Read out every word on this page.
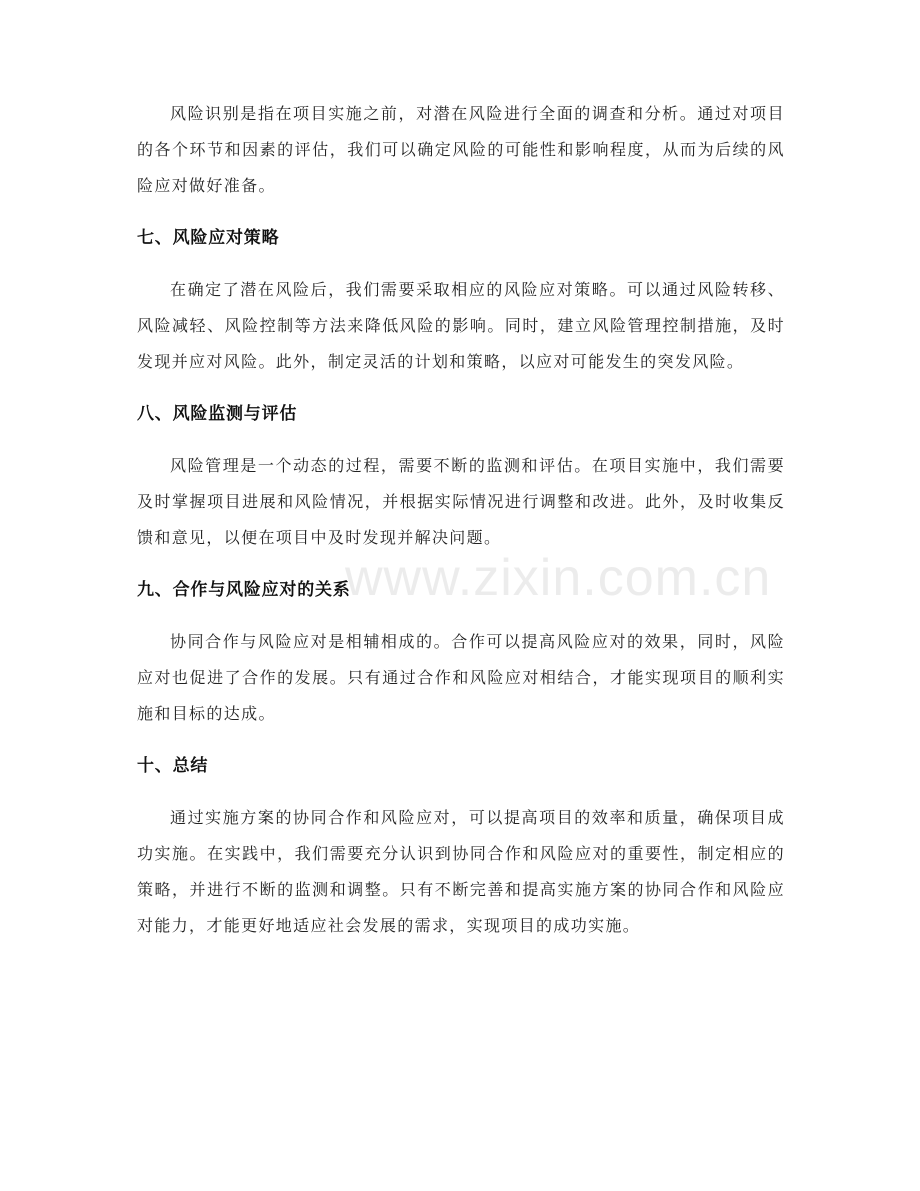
风险识别是指在项目实施之前，对潜在风险进行全面的调查和分析。通过对项目的各个环节和因素的评估，我们可以确定风险的可能性和影响程度，从而为后续的风险应对做好准备。

七、风险应对策略

在确定了潜在风险后，我们需要采取相应的风险应对策略。可以通过风险转移、风险减轻、风险控制等方法来降低风险的影响。同时，建立风险管理控制措施，及时发现并应对风险。此外，制定灵活的计划和策略，以应对可能发生的突发风险。

八、风险监测与评估

风险管理是一个动态的过程，需要不断的监测和评估。在项目实施中，我们需要及时掌握项目进展和风险情况，并根据实际情况进行调整和改进。此外，及时收集反馈和意见，以便在项目中及时发现并解决问题。

九、合作与风险应对的关系

协同合作与风险应对是相辅相成的。合作可以提高风险应对的效果，同时，风险应对也促进了合作的发展。只有通过合作和风险应对相结合，才能实现项目的顺利实施和目标的达成。

十、总结

通过实施方案的协同合作和风险应对，可以提高项目的效率和质量，确保项目成功实施。在实践中，我们需要充分认识到协同合作和风险应对的重要性，制定相应的策略，并进行不断的监测和调整。只有不断完善和提高实施方案的协同合作和风险应对能力，才能更好地适应社会发展的需求，实现项目的成功实施。

www.zixin.com.cn
